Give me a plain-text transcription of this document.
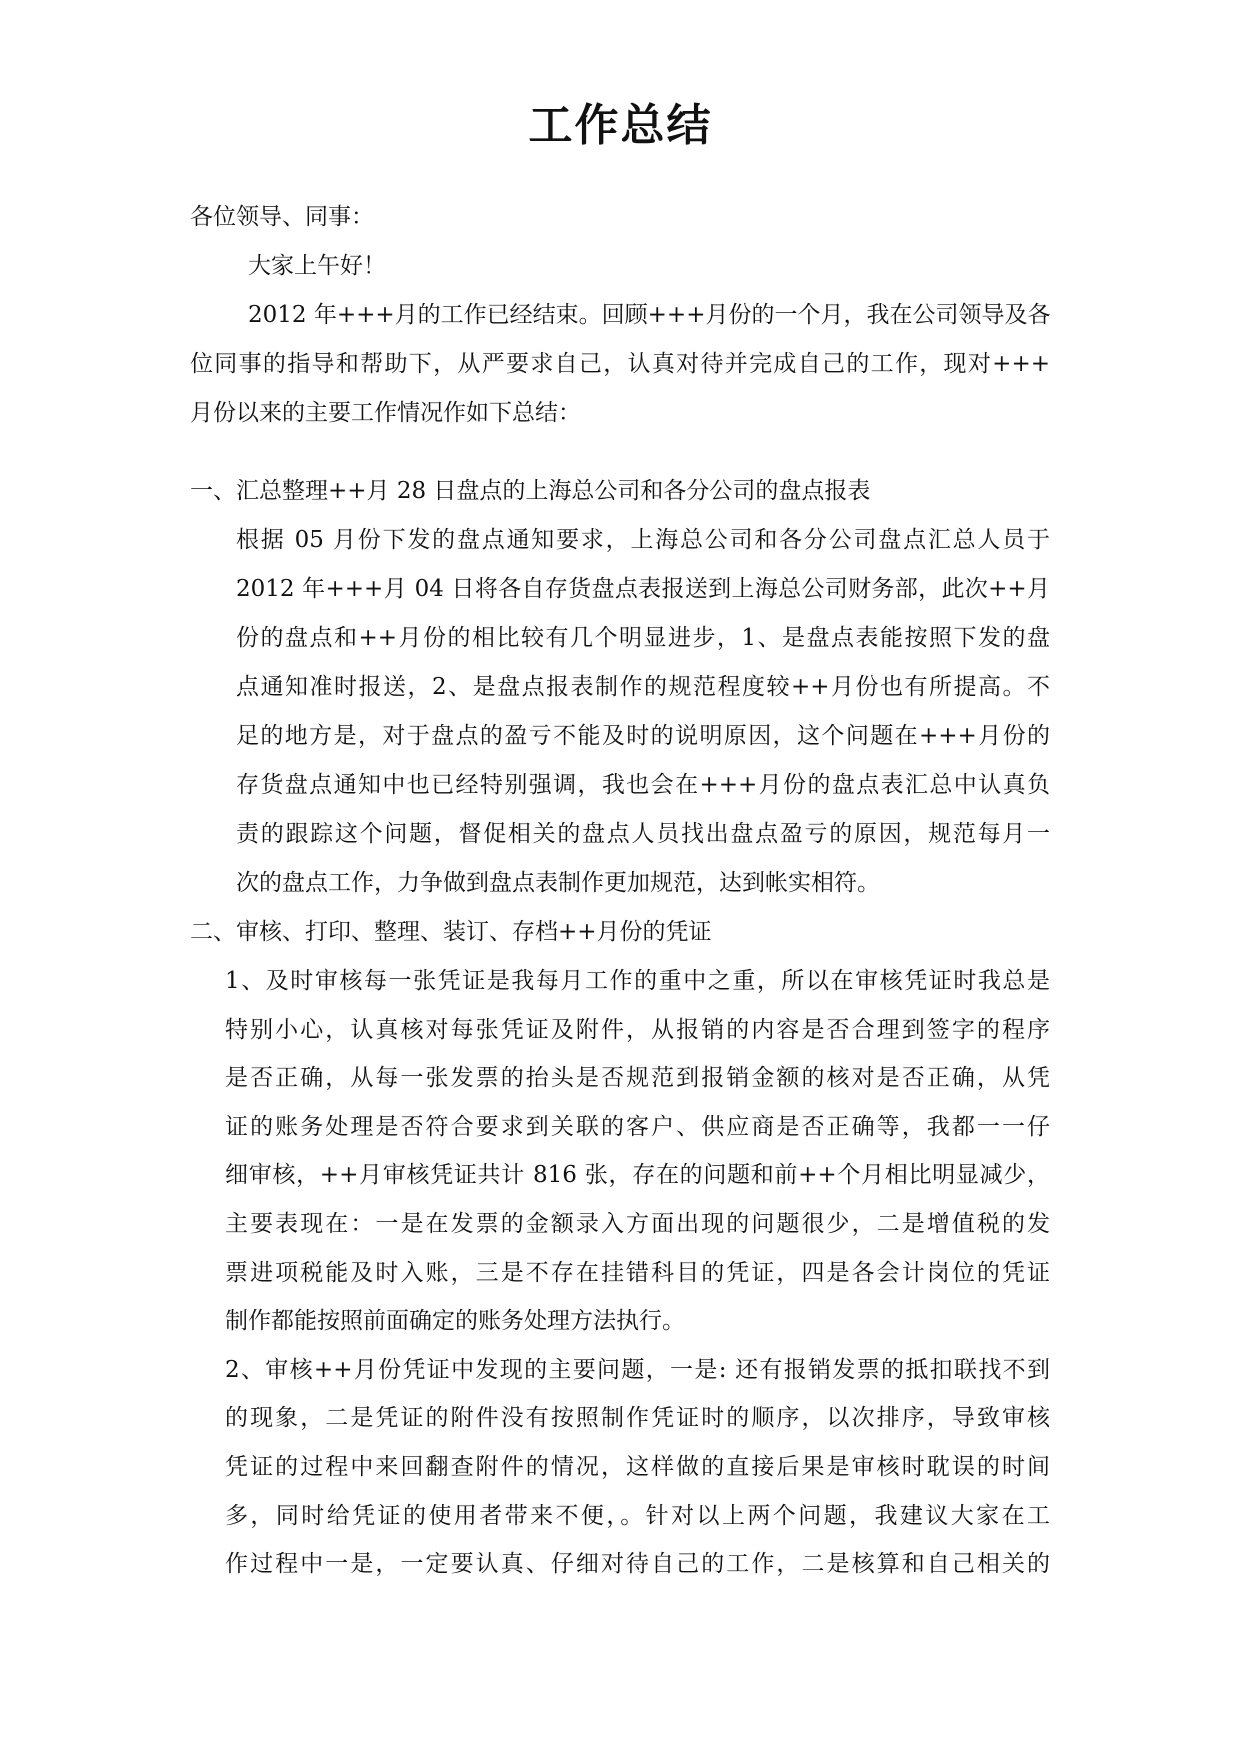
工作总结
各位领导、同事：
大家上午好！
2012 年+++月的工作已经结束。回顾+++月份的一个月，我在公司领导及各
位同事的指导和帮助下，从严要求自己，认真对待并完成自己的工作，现对+++
月份以来的主要工作情况作如下总结：
一、汇总整理++月 28 日盘点的上海总公司和各分公司的盘点报表
根据 05 月份下发的盘点通知要求，上海总公司和各分公司盘点汇总人员于
2012 年+++月 04 日将各自存货盘点表报送到上海总公司财务部，此次++月
份的盘点和++月份的相比较有几个明显进步，1、是盘点表能按照下发的盘
点通知准时报送，2、是盘点报表制作的规范程度较++月份也有所提高。不
足的地方是，对于盘点的盈亏不能及时的说明原因，这个问题在+++月份的
存货盘点通知中也已经特别强调，我也会在+++月份的盘点表汇总中认真负
责的跟踪这个问题，督促相关的盘点人员找出盘点盈亏的原因，规范每月一
次的盘点工作，力争做到盘点表制作更加规范，达到帐实相符。
二、审核、打印、整理、装订、存档++月份的凭证
1、及时审核每一张凭证是我每月工作的重中之重，所以在审核凭证时我总是
特别小心，认真核对每张凭证及附件，从报销的内容是否合理到签字的程序
是否正确，从每一张发票的抬头是否规范到报销金额的核对是否正确，从凭
证的账务处理是否符合要求到关联的客户、供应商是否正确等，我都一一仔
细审核，++月审核凭证共计 816 张，存在的问题和前++个月相比明显减少，
主要表现在：一是在发票的金额录入方面出现的问题很少，二是增值税的发
票进项税能及时入账，三是不存在挂错科目的凭证，四是各会计岗位的凭证
制作都能按照前面确定的账务处理方法执行。
2、审核++月份凭证中发现的主要问题，一是: 还有报销发票的抵扣联找不到
的现象，二是凭证的附件没有按照制作凭证时的顺序，以次排序，导致审核
凭证的过程中来回翻查附件的情况，这样做的直接后果是审核时耽误的时间
多，同时给凭证的使用者带来不便，。针对以上两个问题，我建议大家在工
作过程中一是，一定要认真、仔细对待自己的工作，二是核算和自己相关的
